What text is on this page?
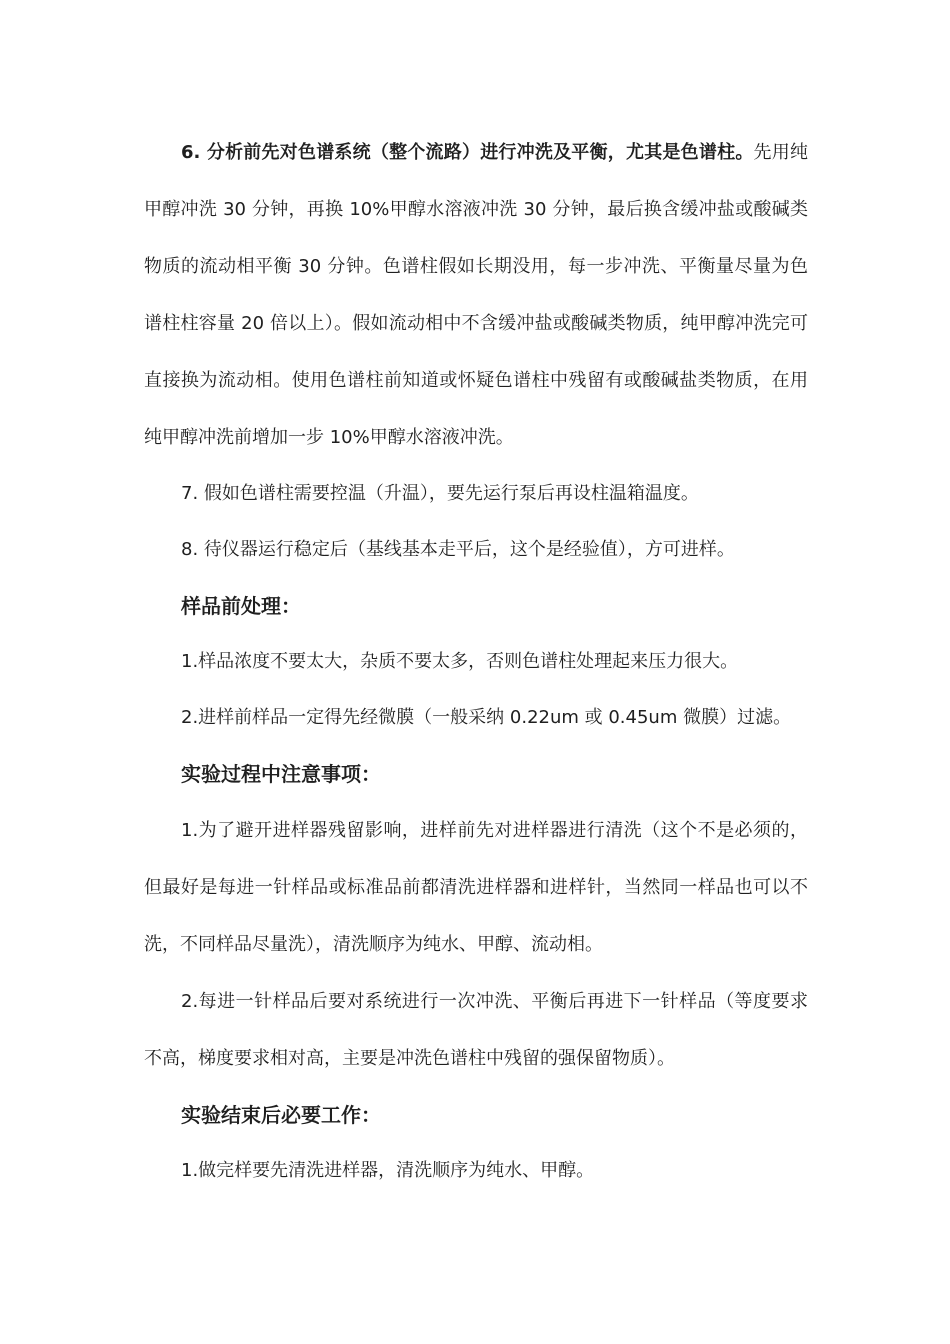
6. 分析前先对色谱系统（整个流路）进行冲洗及平衡，尤其是色谱柱。先用纯甲醇冲洗 30 分钟，再换 10%甲醇水溶液冲洗 30 分钟，最后换含缓冲盐或酸碱类物质的流动相平衡 30 分钟。色谱柱假如长期没用，每一步冲洗、平衡量尽量为色谱柱柱容量 20 倍以上）。假如流动相中不含缓冲盐或酸碱类物质，纯甲醇冲洗完可直接换为流动相。使用色谱柱前知道或怀疑色谱柱中残留有或酸碱盐类物质，在用纯甲醇冲洗前增加一步 10%甲醇水溶液冲洗。

7. 假如色谱柱需要控温（升温），要先运行泵后再设柱温箱温度。

8. 待仪器运行稳定后（基线基本走平后，这个是经验值），方可进样。

样品前处理：

1.样品浓度不要太大，杂质不要太多，否则色谱柱处理起来压力很大。

2.进样前样品一定得先经微膜（一般采纳 0.22um 或 0.45um 微膜）过滤。

实验过程中注意事项：

1.为了避开进样器残留影响，进样前先对进样器进行清洗（这个不是必须的，但最好是每进一针样品或标准品前都清洗进样器和进样针，当然同一样品也可以不洗，不同样品尽量洗），清洗顺序为纯水、甲醇、流动相。

2.每进一针样品后要对系统进行一次冲洗、平衡后再进下一针样品（等度要求不高，梯度要求相对高，主要是冲洗色谱柱中残留的强保留物质）。

实验结束后必要工作：

1.做完样要先清洗进样器，清洗顺序为纯水、甲醇。
